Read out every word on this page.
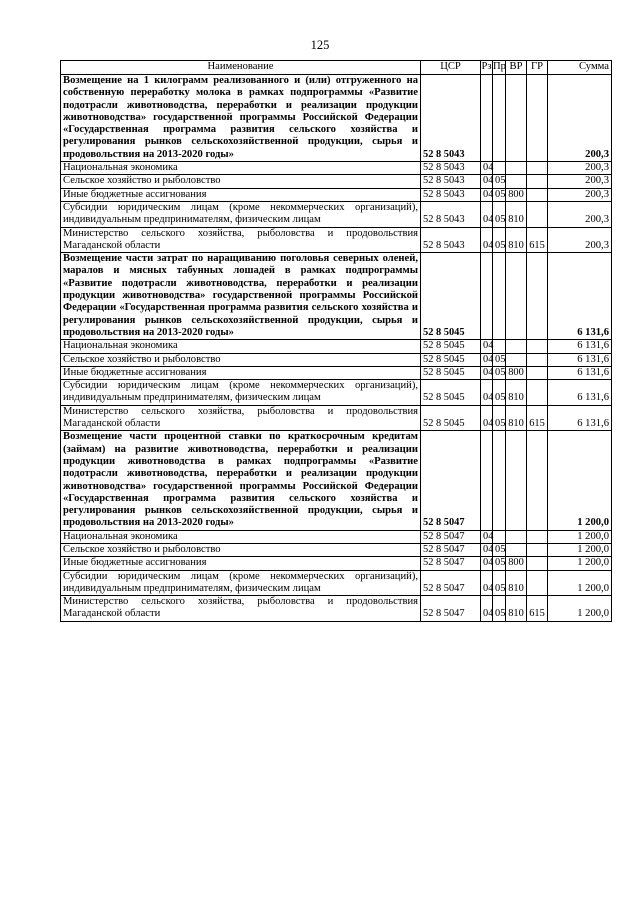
125
Наименование	ЦСР	Рз	Пр	ВР	ГР	Сумма
Возмещение на 1 килограмм реализованного и (или) отгруженного на собственную переработку молока в рамках подпрограммы «Развитие подотрасли животноводства, переработки и реализации продукции животноводства» государственной программы Российской Федерации «Государственная программа развития сельского хозяйства и регулирования рынков сельскохозяйственной продукции, сырья и продовольствия на 2013-2020 годы»	52 8 5043					200,3
Национальная экономика	52 8 5043	04				200,3
Сельское хозяйство и рыболовство	52 8 5043	04	05			200,3
Иные бюджетные ассигнования	52 8 5043	04	05	800		200,3
Субсидии юридическим лицам (кроме некоммерческих организаций), индивидуальным предпринимателям, физическим лицам	52 8 5043	04	05	810		200,3
Министерство сельского хозяйства, рыболовства и продовольствия Магаданской области	52 8 5043	04	05	810	615	200,3
Возмещение части затрат по наращиванию поголовья северных оленей, маралов и мясных табунных лошадей в рамках подпрограммы «Развитие подотрасли животноводства, переработки и реализации продукции животноводства» государственной программы Российской Федерации «Государственная программа развития сельского хозяйства и регулирования рынков сельскохозяйственной продукции, сырья и продовольствия на 2013-2020 годы»	52 8 5045					6 131,6
Национальная экономика	52 8 5045	04				6 131,6
Сельское хозяйство и рыболовство	52 8 5045	04	05			6 131,6
Иные бюджетные ассигнования	52 8 5045	04	05	800		6 131,6
Субсидии юридическим лицам (кроме некоммерческих организаций), индивидуальным предпринимателям, физическим лицам	52 8 5045	04	05	810		6 131,6
Министерство сельского хозяйства, рыболовства и продовольствия Магаданской области	52 8 5045	04	05	810	615	6 131,6
Возмещение части процентной ставки по краткосрочным кредитам (займам) на развитие животноводства, переработки и реализации продукции животноводства в рамках подпрограммы «Развитие подотрасли животноводства, переработки и реализации продукции животноводства» государственной программы Российской Федерации «Государственная программа развития сельского хозяйства и регулирования рынков сельскохозяйственной продукции, сырья и продовольствия на 2013-2020 годы»	52 8 5047					1 200,0
Национальная экономика	52 8 5047	04				1 200,0
Сельское хозяйство и рыболовство	52 8 5047	04	05			1 200,0
Иные бюджетные ассигнования	52 8 5047	04	05	800		1 200,0
Субсидии юридическим лицам (кроме некоммерческих организаций), индивидуальным предпринимателям, физическим лицам	52 8 5047	04	05	810		1 200,0
Министерство сельского хозяйства, рыболовства и продовольствия Магаданской области	52 8 5047	04	05	810	615	1 200,0
